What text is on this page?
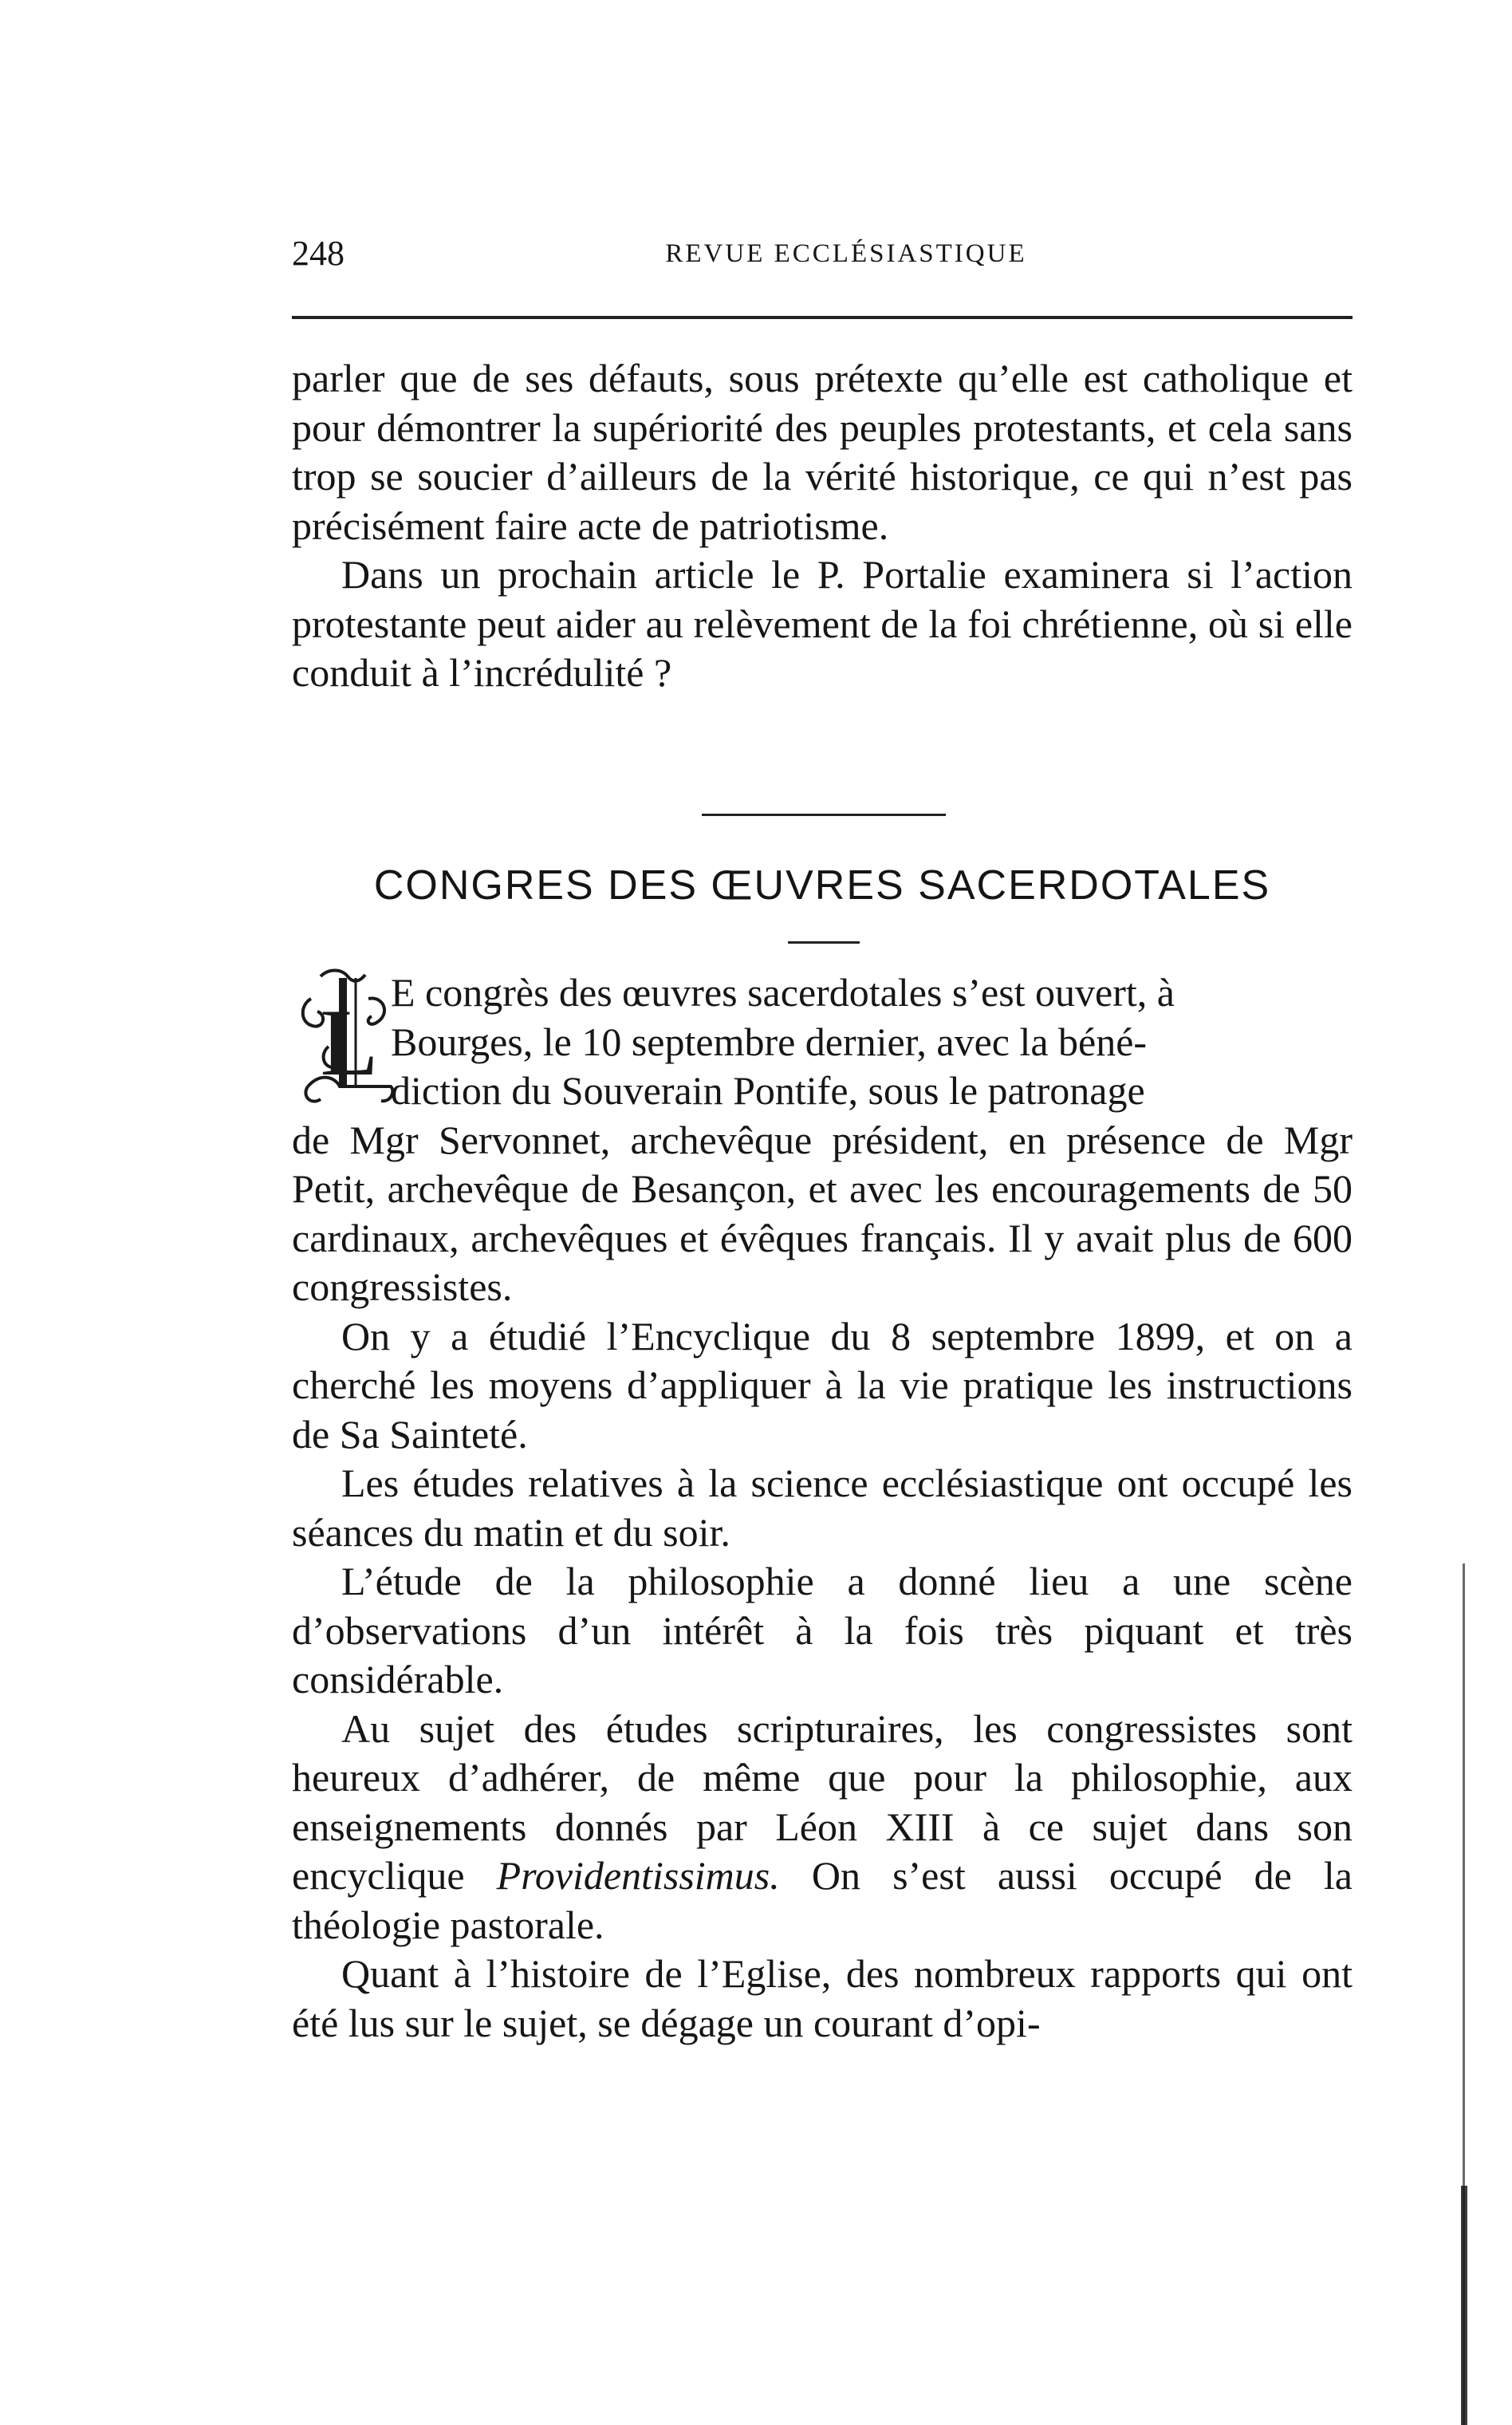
248	REVUE ECCLÉSIASTIQUE

parler que de ses défauts, sous prétexte qu’elle est catholique et pour démontrer la supériorité des peuples protestants, et cela sans trop se soucier d’ailleurs de la vérité historique, ce qui n’est pas précisément faire acte de patriotisme.

Dans un prochain article le P. Portalie examinera si l’action protestante peut aider au relèvement de la foi chrétienne, où si elle conduit à l’incrédulité ?

CONGRES DES ŒUVRES SACERDOTALES
L E congrès des œuvres sacerdotales s’est ouvert, à
Bourges, le 10 septembre dernier, avec la béné-
diction du Souverain Pontife, sous le patronage
de Mgr Servonnet, archevêque président, en présence de Mgr Petit, archevêque de Besançon, et avec les encouragements de 50 cardinaux, archevêques et évêques français. Il y avait plus de 600 congressistes.

On y a étudié l’Encyclique du 8 septembre 1899, et on a cherché les moyens d’appliquer à la vie pratique les instructions de Sa Sainteté.

Les études relatives à la science ecclésiastique ont occupé les séances du matin et du soir.

L’étude de la philosophie a donné lieu a une scène d’observations d’un intérêt à la fois très piquant et très considérable.

Au sujet des études scripturaires, les congressistes sont heureux d’adhérer, de même que pour la philosophie, aux enseignements donnés par Léon XIII à ce sujet dans son encyclique Providentissimus. On s’est aussi occupé de la théologie pastorale.

Quant à l’histoire de l’Eglise, des nombreux rapports qui ont été lus sur le sujet, se dégage un courant d’opi-
